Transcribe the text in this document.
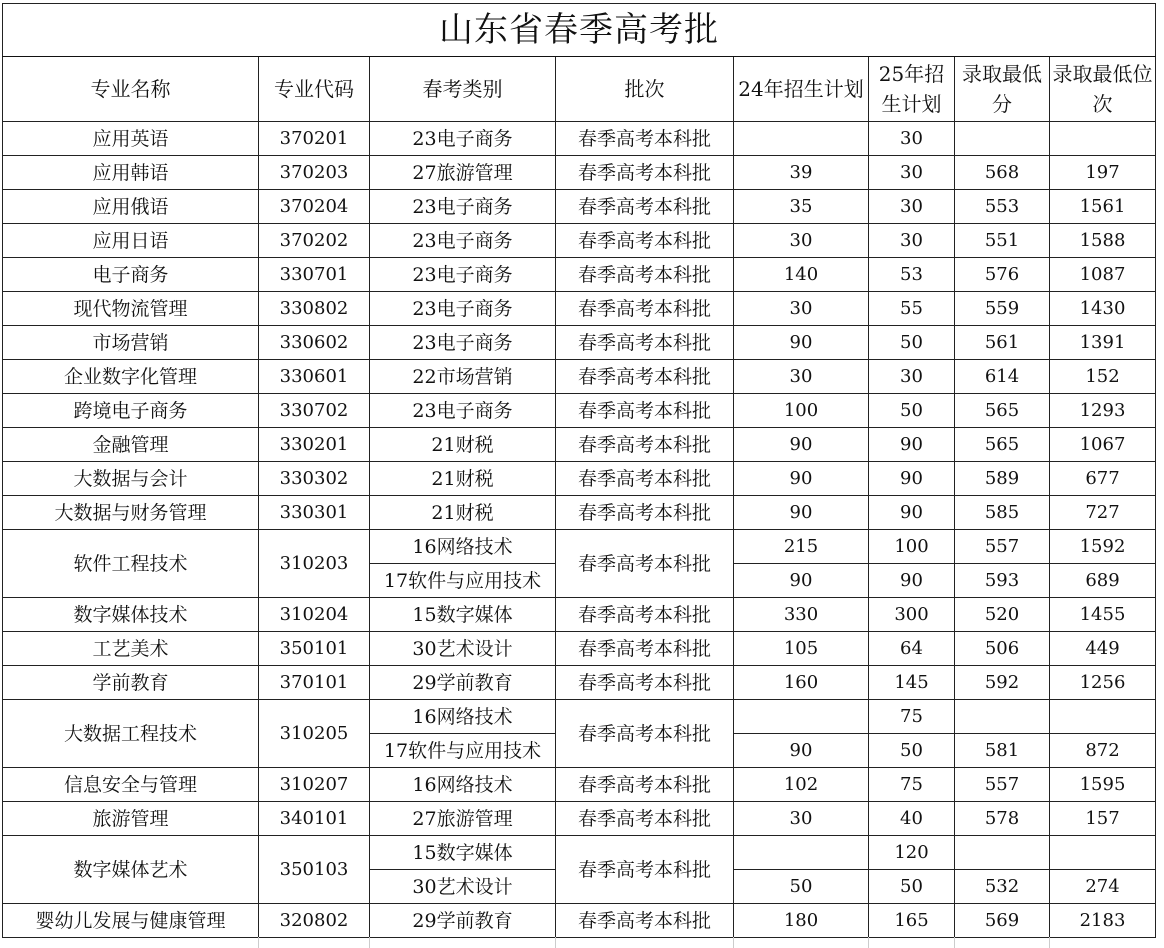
山东省春季高考批							
专业名称	专业代码	春考类别	批次	24年招生计划	25年招生计划	录取最低分	录取最低位次
应用英语	370201	23电子商务	春季高考本科批		30		
应用韩语	370203	27旅游管理	春季高考本科批	39	30	568	197
应用俄语	370204	23电子商务	春季高考本科批	35	30	553	1561
应用日语	370202	23电子商务	春季高考本科批	30	30	551	1588
电子商务	330701	23电子商务	春季高考本科批	140	53	576	1087
现代物流管理	330802	23电子商务	春季高考本科批	30	55	559	1430
市场营销	330602	23电子商务	春季高考本科批	90	50	561	1391
企业数字化管理	330601	22市场营销	春季高考本科批	30	30	614	152
跨境电子商务	330702	23电子商务	春季高考本科批	100	50	565	1293
金融管理	330201	21财税	春季高考本科批	90	90	565	1067
大数据与会计	330302	21财税	春季高考本科批	90	90	589	677
大数据与财务管理	330301	21财税	春季高考本科批	90	90	585	727
软件工程技术	310203	16网络技术	春季高考本科批	215	100	557	1592
		17软件与应用技术		90	90	593	689
数字媒体技术	310204	15数字媒体	春季高考本科批	330	300	520	1455
工艺美术	350101	30艺术设计	春季高考本科批	105	64	506	449
学前教育	370101	29学前教育	春季高考本科批	160	145	592	1256
大数据工程技术	310205	16网络技术	春季高考本科批		75		
		17软件与应用技术		90	50	581	872
信息安全与管理	310207	16网络技术	春季高考本科批	102	75	557	1595
旅游管理	340101	27旅游管理	春季高考本科批	30	40	578	157
数字媒体艺术	350103	15数字媒体	春季高考本科批		120		
		30艺术设计		50	50	532	274
婴幼儿发展与健康管理	320802	29学前教育	春季高考本科批	180	165	569	2183
